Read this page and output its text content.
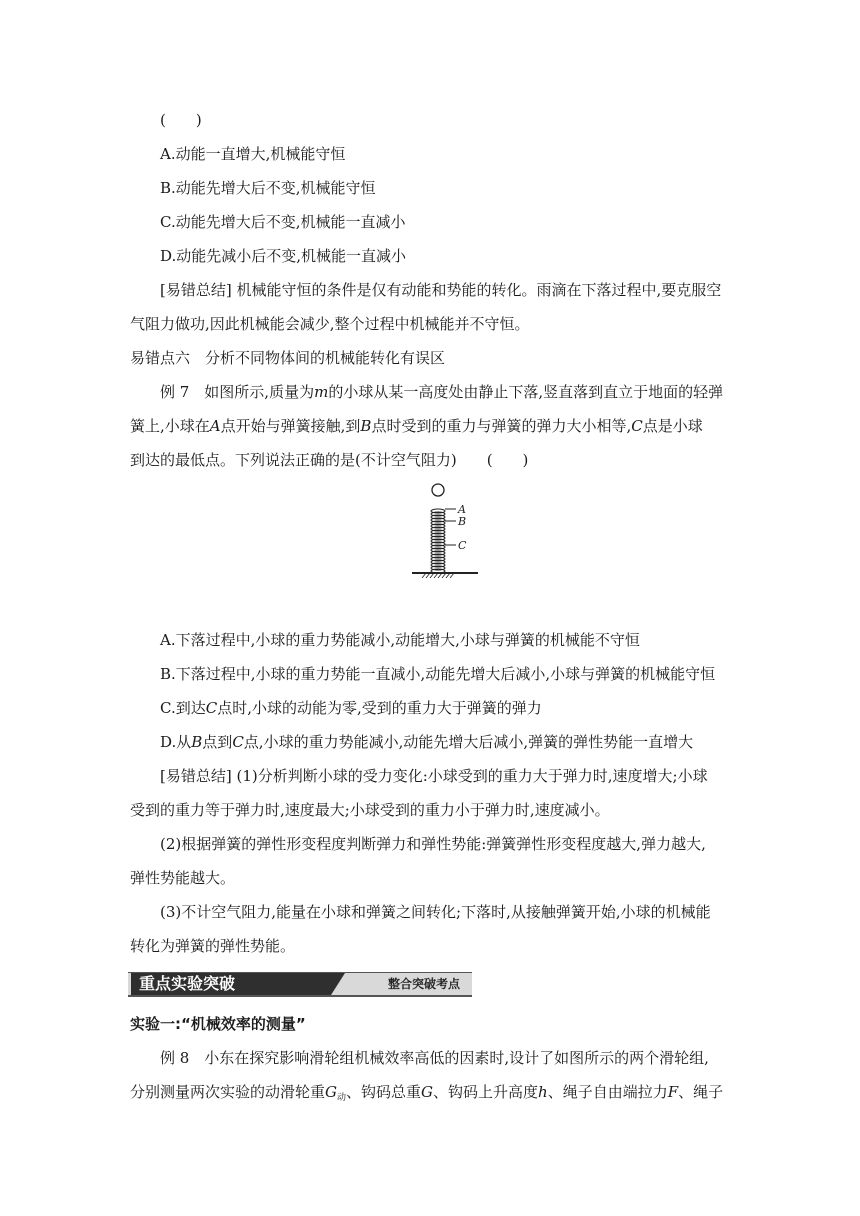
(　　)
A.动能一直增大,机械能守恒
B.动能先增大后不变,机械能守恒
C.动能先增大后不变,机械能一直减小
D.动能先减小后不变,机械能一直减小
[易错总结] 机械能守恒的条件是仅有动能和势能的转化。雨滴在下落过程中,要克服空
气阻力做功,因此机械能会减少,整个过程中机械能并不守恒。
易错点六　分析不同物体间的机械能转化有误区
例 7　如图所示,质量为m的小球从某一高度处由静止下落,竖直落到直立于地面的轻弹
簧上,小球在A点开始与弹簧接触,到B点时受到的重力与弹簧的弹力大小相等,C点是小球
到达的最低点。下列说法正确的是(不计空气阻力)　　(　　)
A
B
C
A.下落过程中,小球的重力势能减小,动能增大,小球与弹簧的机械能不守恒
B.下落过程中,小球的重力势能一直减小,动能先增大后减小,小球与弹簧的机械能守恒
C.到达C点时,小球的动能为零,受到的重力大于弹簧的弹力
D.从B点到C点,小球的重力势能减小,动能先增大后减小,弹簧的弹性势能一直增大
[易错总结] (1)分析判断小球的受力变化:小球受到的重力大于弹力时,速度增大;小球
受到的重力等于弹力时,速度最大;小球受到的重力小于弹力时,速度减小。
(2)根据弹簧的弹性形变程度判断弹力和弹性势能:弹簧弹性形变程度越大,弹力越大,
弹性势能越大。
(3)不计空气阻力,能量在小球和弹簧之间转化;下落时,从接触弹簧开始,小球的机械能
转化为弹簧的弹性势能。
重点实验突破	整合突破考点
实验一:“机械效率的测量”
例 8　小东在探究影响滑轮组机械效率高低的因素时,设计了如图所示的两个滑轮组,
分别测量两次实验的动滑轮重$G_动$、钩码总重G、钩码上升高度h、绳子自由端拉力F、绳子
